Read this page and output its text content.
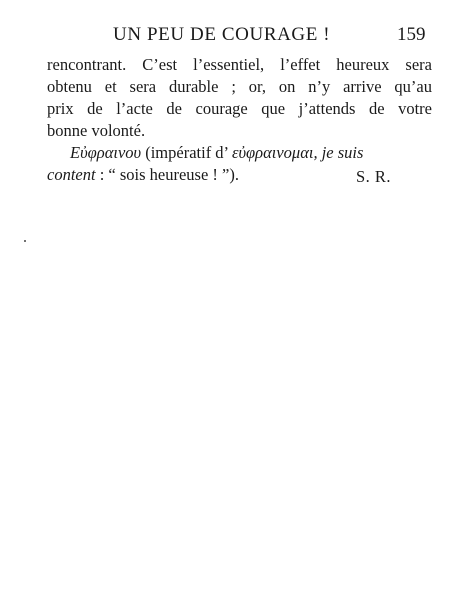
UN PEU DE COURAGE !	159
rencontrant. C’est l’essentiel, l’effet heureux sera
obtenu et sera durable ; or, on n’y arrive qu’au
prix de l’acte de courage que j’attends de votre
bonne volonté.
Εὐφραινου (impératif d’ εὐφραινομαι, je suis
content : “ sois heureuse ! ”).	S. R.
